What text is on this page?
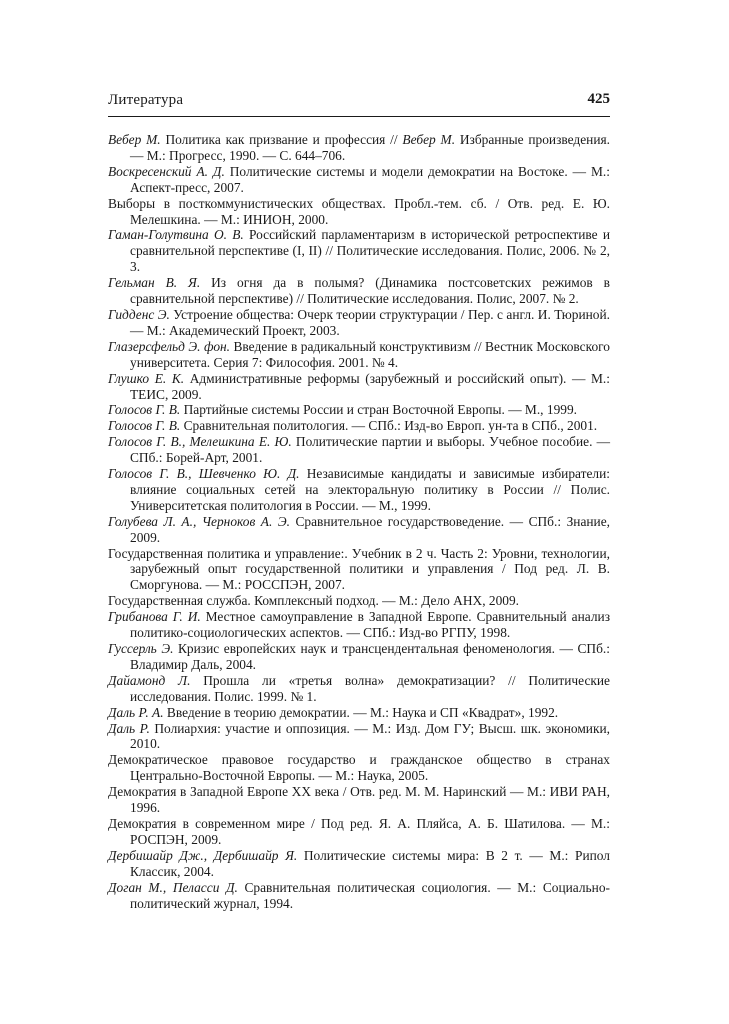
Литература	425

Вебер М. Политика как призвание и профессия // Вебер М. Избранные произведения. — М.: Прогресс, 1990. — С. 644–706.

Воскресенский А. Д. Политические системы и модели демократии на Востоке. — М.: Аспект-пресс, 2007.

Выборы в посткоммунистических обществах. Пробл.-тем. сб. / Отв. ред. Е. Ю. Мелешкина. — М.: ИНИОН, 2000.

Гаман-Голутвина О. В. Российский парламентаризм в исторической ретроспективе и сравнительной перспективе (I, II) // Политические исследования. Полис, 2006. № 2, 3.

Гельман В. Я. Из огня да в полымя? (Динамика постсоветских режимов в сравнительной перспективе) // Политические исследования. Полис, 2007. № 2.

Гидденс Э. Устроение общества: Очерк теории структурации / Пер. с англ. И. Тюриной. — М.: Академический Проект, 2003.

Глазерсфельд Э. фон. Введение в радикальный конструктивизм // Вестник Московского университета. Серия 7: Философия. 2001. № 4.

Глушко Е. К. Административные реформы (зарубежный и российский опыт). — М.: ТЕИС, 2009.

Голосов Г. В. Партийные системы России и стран Восточной Европы. — М., 1999.

Голосов Г. В. Сравнительная политология. — СПб.: Изд-во Европ. ун-та в СПб., 2001.

Голосов Г. В., Мелешкина Е. Ю. Политические партии и выборы. Учебное пособие. — СПб.: Борей-Арт, 2001.

Голосов Г. В., Шевченко Ю. Д. Независимые кандидаты и зависимые избиратели: влияние социальных сетей на электоральную политику в России // Полис. Университетская политология в России. — М., 1999.

Голубева Л. А., Черноков А. Э. Сравнительное государствоведение. — СПб.: Знание, 2009.

Государственная политика и управление:. Учебник в 2 ч. Часть 2: Уровни, технологии, зарубежный опыт государственной политики и управления / Под ред. Л. В. Сморгунова. — М.: РОССПЭН, 2007.

Государственная служба. Комплексный подход. — М.: Дело АНХ, 2009.

Грибанова Г. И. Местное самоуправление в Западной Европе. Сравнительный анализ политико-социологических аспектов. — СПб.: Изд-во РГПУ, 1998.

Гуссерль Э. Кризис европейских наук и трансцендентальная феноменология. — СПб.: Владимир Даль, 2004.

Дайамонд Л. Прошла ли «третья волна» демократизации? // Политические исследования. Полис. 1999. № 1.

Даль Р. А. Введение в теорию демократии. — М.: Наука и СП «Квадрат», 1992.

Даль Р. Полиархия: участие и оппозиция. — М.: Изд. Дом ГУ; Высш. шк. экономики, 2010.

Демократическое правовое государство и гражданское общество в странах Центрально-Восточной Европы. — М.: Наука, 2005.

Демократия в Западной Европе XX века / Отв. ред. М. М. Наринский — М.: ИВИ РАН, 1996.

Демократия в современном мире / Под ред. Я. А. Пляйса, А. Б. Шатилова. — М.: РОСПЭН, 2009.

Дербишайр Дж., Дербишайр Я. Политические системы мира: В 2 т. — М.: Рипол Классик, 2004.

Доган М., Пеласси Д. Сравнительная политическая социология. — М.: Социально-политический журнал, 1994.
